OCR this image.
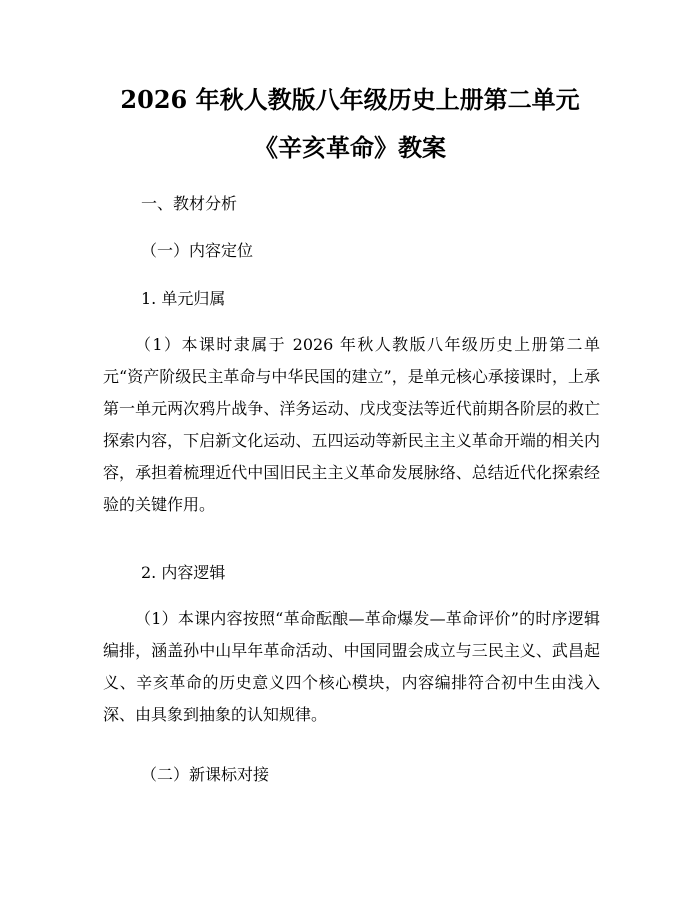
2026 年秋人教版八年级历史上册第二单元
《辛亥革命》教案
一、教材分析
（一）内容定位
1. 单元归属
（1）本课时隶属于 2026 年秋人教版八年级历史上册第二单元“资产阶级民主革命与中华民国的建立”，是单元核心承接课时，上承第一单元两次鸦片战争、洋务运动、戊戌变法等近代前期各阶层的救亡探索内容，下启新文化运动、五四运动等新民主主义革命开端的相关内容，承担着梳理近代中国旧民主主义革命发展脉络、总结近代化探索经验的关键作用。
2. 内容逻辑
（1）本课内容按照“革命酝酿—革命爆发—革命评价”的时序逻辑编排，涵盖孙中山早年革命活动、中国同盟会成立与三民主义、武昌起义、辛亥革命的历史意义四个核心模块，内容编排符合初中生由浅入深、由具象到抽象的认知规律。
（二）新课标对接
